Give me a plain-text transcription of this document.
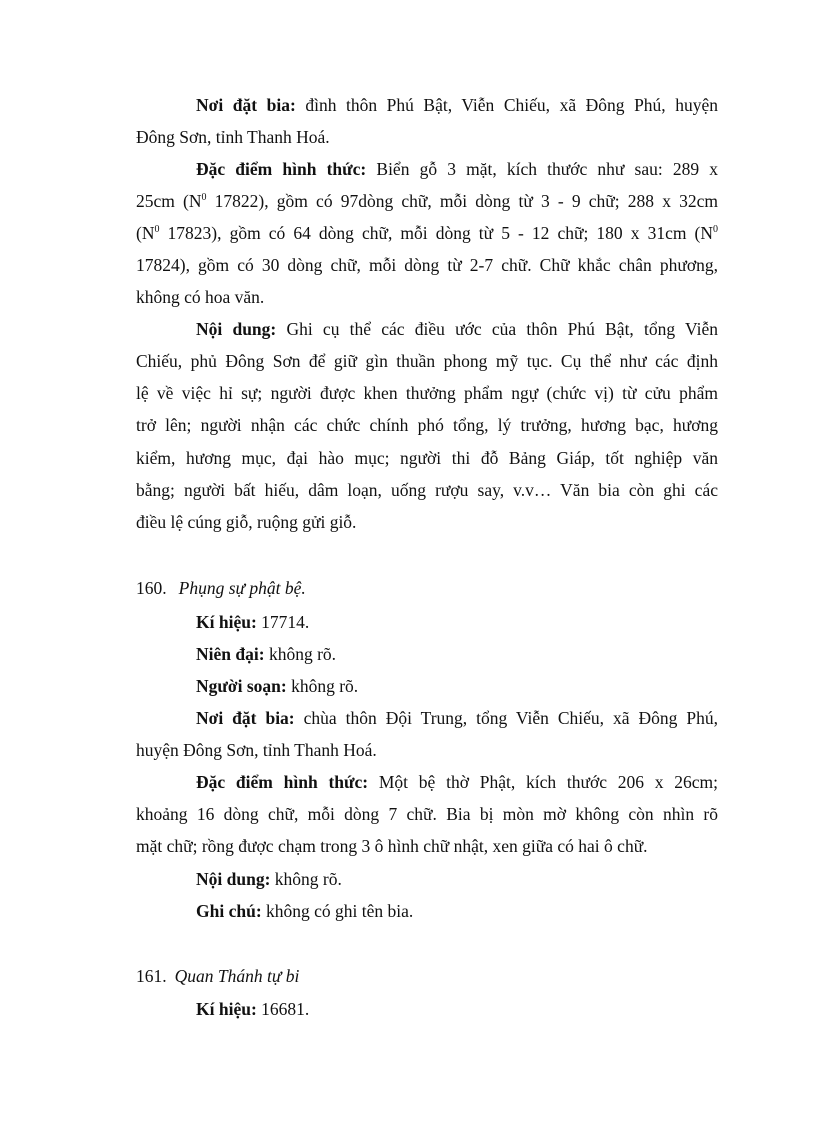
Nơi đặt bia: đình thôn Phú Bật, Viễn Chiếu, xã Đông Phú, huyện
Đông Sơn, tỉnh Thanh Hoá.
Đặc điểm hình thức: Biển gỗ 3 mặt, kích thước như sau: 289 x
25cm ($N^0$ 17822), gồm có 97dòng chữ, mỗi dòng từ 3 - 9 chữ; 288 x 32cm
($N^0$ 17823), gồm có 64 dòng chữ, mỗi dòng từ 5 - 12 chữ; 180 x 31cm ($N^0$
17824), gồm có 30 dòng chữ, mỗi dòng từ 2-7 chữ. Chữ khắc chân phương,
không có hoa văn.
Nội dung: Ghi cụ thể các điều ước của thôn Phú Bật, tổng Viễn
Chiếu, phủ Đông Sơn để giữ gìn thuần phong mỹ tục. Cụ thể như các định
lệ về việc hỉ sự; người được khen thưởng phẩm ngự (chức vị) từ cửu phẩm
trở lên; người nhận các chức chính phó tổng, lý trưởng, hương bạc, hương
kiểm, hương mục, đại hào mục; người thi đỗ Bảng Giáp, tốt nghiệp văn
bằng; người bất hiếu, dâm loạn, uống rượu say, v.v… Văn bia còn ghi các
điều lệ cúng giỗ, ruộng gửi giỗ.
160. Phụng sự phật bệ.
Kí hiệu: 17714.
Niên đại: không rõ.
Người soạn: không rõ.
Nơi đặt bia: chùa thôn Đội Trung, tổng Viễn Chiếu, xã Đông Phú,
huyện Đông Sơn, tỉnh Thanh Hoá.
Đặc điểm hình thức: Một bệ thờ Phật, kích thước 206 x 26cm;
khoảng 16 dòng chữ, mỗi dòng 7 chữ. Bia bị mòn mờ không còn nhìn rõ
mặt chữ; rồng được chạm trong 3 ô hình chữ nhật, xen giữa có hai ô chữ.
Nội dung: không rõ.
Ghi chú: không có ghi tên bia.
161. Quan Thánh tự bi
Kí hiệu: 16681.
